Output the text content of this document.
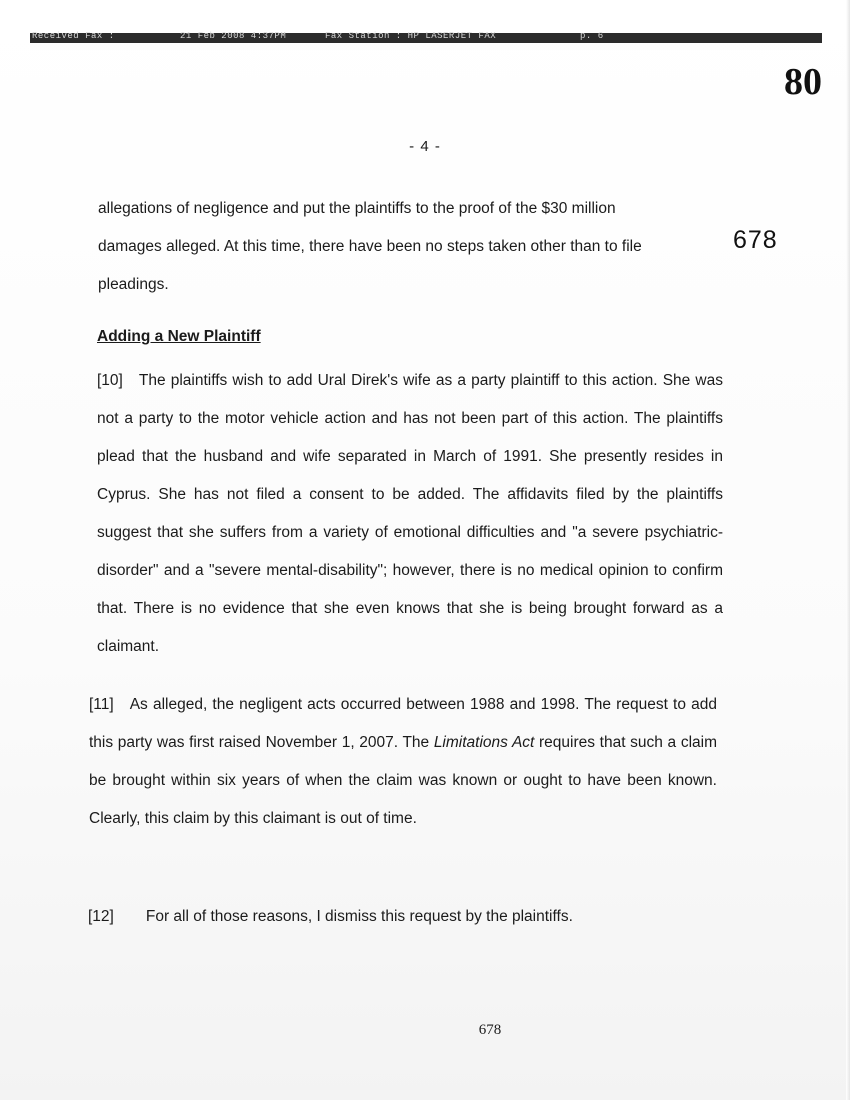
Received Fax :	21 Feb 2008 4:37PM	Fax Station : HP LASERJET FAX	p. 6
80
- 4 -
678
allegations of negligence and put the plaintiffs to the proof of the $30 million
damages alleged. At this time, there have been no steps taken other than to file
pleadings.
Adding a New Plaintiff
[10] The plaintiffs wish to add Ural Direk's wife as a party plaintiff to this action. She was not a party to the motor vehicle action and has not been part of this action. The plaintiffs plead that the husband and wife separated in March of 1991. She presently resides in Cyprus. She has not filed a consent to be added. The affidavits filed by the plaintiffs suggest that she suffers from a variety of emotional difficulties and "a severe psychiatric-disorder" and a "severe mental-disability"; however, there is no medical opinion to confirm that. There is no evidence that she even knows that she is being brought forward as a claimant.
[11] As alleged, the negligent acts occurred between 1988 and 1998. The request to add this party was first raised November 1, 2007. The Limitations Act requires that such a claim be brought within six years of when the claim was known or ought to have been known. Clearly, this claim by this claimant is out of time.
[12] For all of those reasons, I dismiss this request by the plaintiffs.
678
